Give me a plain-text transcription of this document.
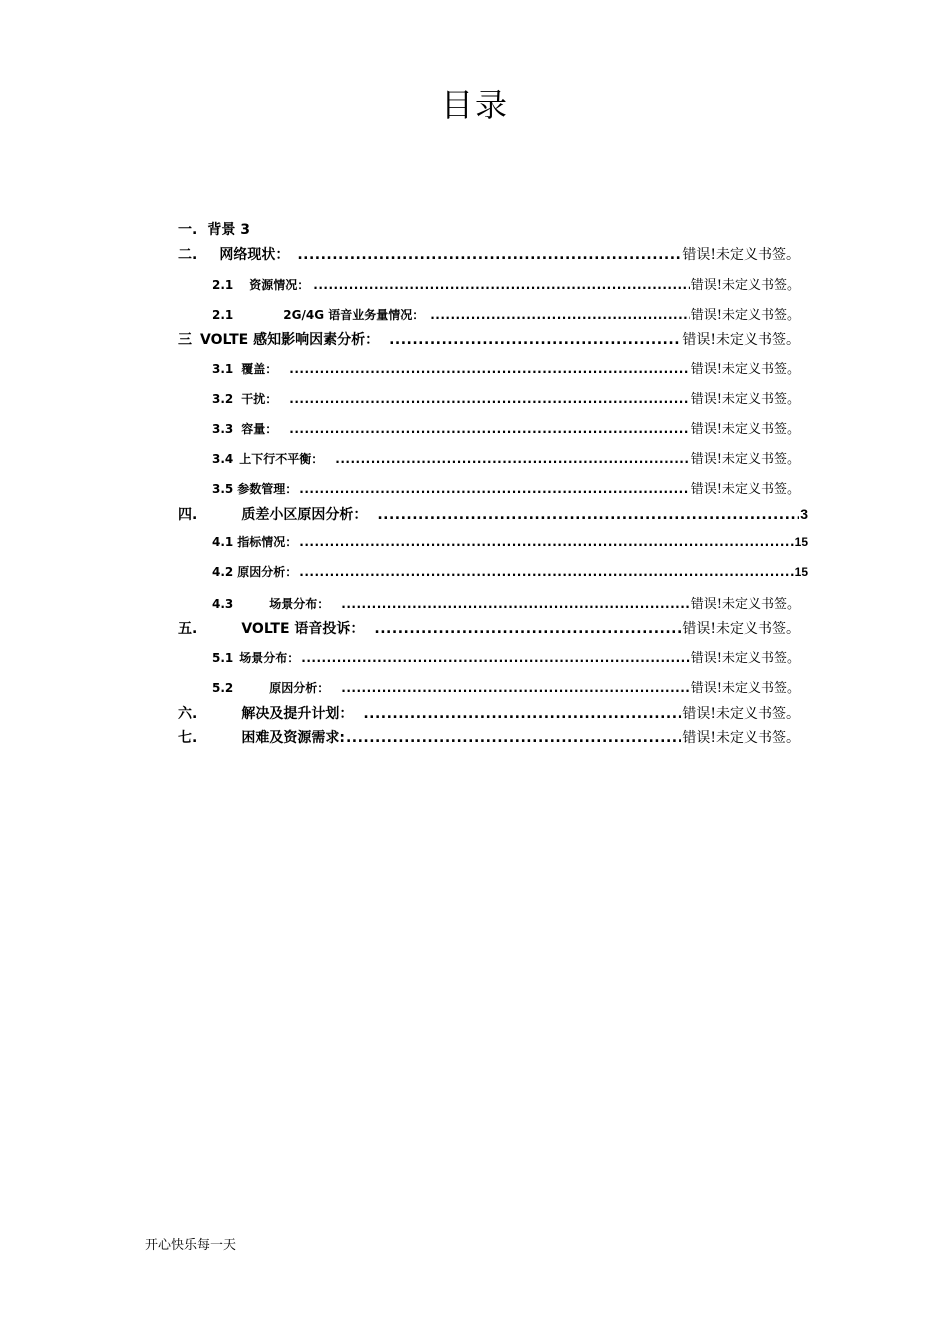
目录
一. 背景 3
二. 网络现状： .....	错误!未定义书签。
2.1 资源情况： .....	错误!未定义书签。
2.1	2G/4G 语音业务量情况： .....	错误!未定义书签。
三 VOLTE 感知影响因素分析： .....	错误!未定义书签。
3.1 覆盖： .....	错误!未定义书签。
3.2 干扰： .....	错误!未定义书签。
3.3 容量： .....	错误!未定义书签。
3.4 上下行不平衡： .....	错误!未定义书签。
3.5 参数管理： .....	错误!未定义书签。
四.	质差小区原因分析： .....	3
4.1 指标情况： .....	15
4.2 原因分析： .....	15
4.3	场景分布： .....	错误!未定义书签。
五.	VOLTE 语音投诉： .....	错误!未定义书签。
5.1 场景分布： .....	错误!未定义书签。
5.2	原因分析： .....	错误!未定义书签。
六.	解决及提升计划： .....	错误!未定义书签。
七.	困难及资源需求: .....	错误!未定义书签。
开心快乐每一天
